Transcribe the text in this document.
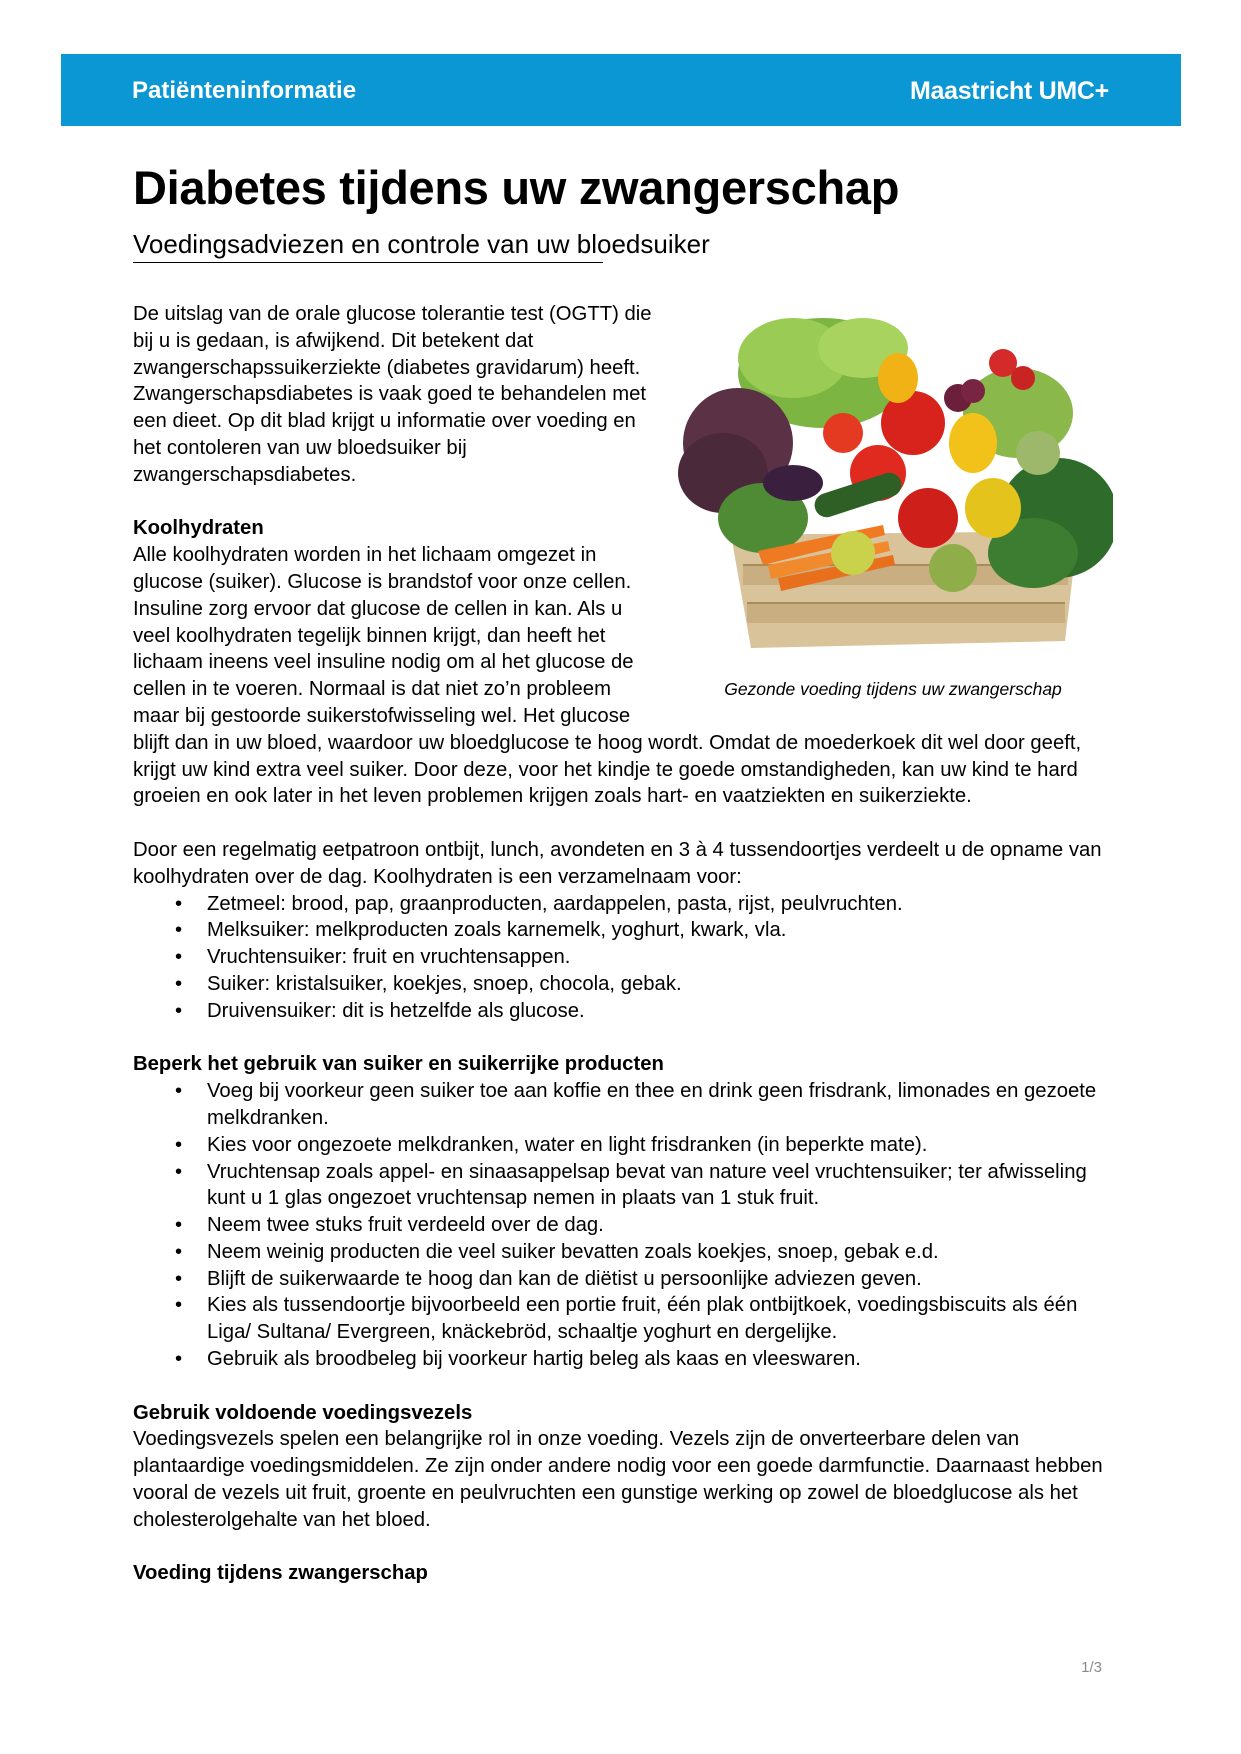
Patiënteninformatie	Maastricht UMC+
Diabetes tijdens uw zwangerschap

Voedingsadviezen en controle van uw bloedsuiker

Gezonde voeding tijdens uw zwangerschap

De uitslag van de orale glucose tolerantie test (OGTT) die bij u is gedaan, is afwijkend. Dit betekent dat zwangerschapssuikerziekte (diabetes gravidarum) heeft. Zwangerschapsdiabetes is vaak goed te behandelen met een dieet. Op dit blad krijgt u informatie over voeding en het contoleren van uw bloedsuiker bij zwangerschapsdiabetes.

Koolhydraten

Alle koolhydraten worden in het lichaam omgezet in glucose (suiker). Glucose is brandstof voor onze cellen. Insuline zorg ervoor dat glucose de cellen in kan. Als u veel koolhydraten tegelijk binnen krijgt, dan heeft het lichaam ineens veel insuline nodig om al het glucose de cellen in te voeren. Normaal is dat niet zo’n probleem maar bij gestoorde suikerstofwisseling wel. Het glucose blijft dan in uw bloed, waardoor uw bloedglucose te hoog wordt. Omdat de moederkoek dit wel door geeft, krijgt uw kind extra veel suiker. Door deze, voor het kindje te goede omstandigheden, kan uw kind te hard groeien en ook later in het leven problemen krijgen zoals hart- en vaatziekten en suikerziekte.

Door een regelmatig eetpatroon ontbijt, lunch, avondeten en 3 à 4 tussendoortjes verdeelt u de opname van koolhydraten over de dag. Koolhydraten is een verzamelnaam voor:

• Zetmeel: brood, pap, graanproducten, aardappelen, pasta, rijst, peulvruchten.
• Melksuiker: melkproducten zoals karnemelk, yoghurt, kwark, vla.
• Vruchtensuiker: fruit en vruchtensappen.
• Suiker: kristalsuiker, koekjes, snoep, chocola, gebak.
• Druivensuiker: dit is hetzelfde als glucose.
Beperk het gebruik van suiker en suikerrijke producten
• Voeg bij voorkeur geen suiker toe aan koffie en thee en drink geen frisdrank, limonades en gezoete melkdranken.
• Kies voor ongezoete melkdranken, water en light frisdranken (in beperkte mate).
• Vruchtensap zoals appel- en sinaasappelsap bevat van nature veel vruchtensuiker; ter afwisseling kunt u 1 glas ongezoet vruchtensap nemen in plaats van 1 stuk fruit.
• Neem twee stuks fruit verdeeld over de dag.
• Neem weinig producten die veel suiker bevatten zoals koekjes, snoep, gebak e.d.
• Blijft de suikerwaarde te hoog dan kan de diëtist u persoonlijke adviezen geven.
• Kies als tussendoortje bijvoorbeeld een portie fruit, één plak ontbijtkoek, voedingsbiscuits als één Liga/ Sultana/ Evergreen, knäckebröd, schaaltje yoghurt en dergelijke.
• Gebruik als broodbeleg bij voorkeur hartig beleg als kaas en vleeswaren.
Gebruik voldoende voedingsvezels

Voedingsvezels spelen een belangrijke rol in onze voeding. Vezels zijn de onverteerbare delen van plantaardige voedingsmiddelen. Ze zijn onder andere nodig voor een goede darmfunctie. Daarnaast hebben vooral de vezels uit fruit, groente en peulvruchten een gunstige werking op zowel de bloedglucose als het cholesterolgehalte van het bloed.

Voeding tijdens zwangerschap
1/3
